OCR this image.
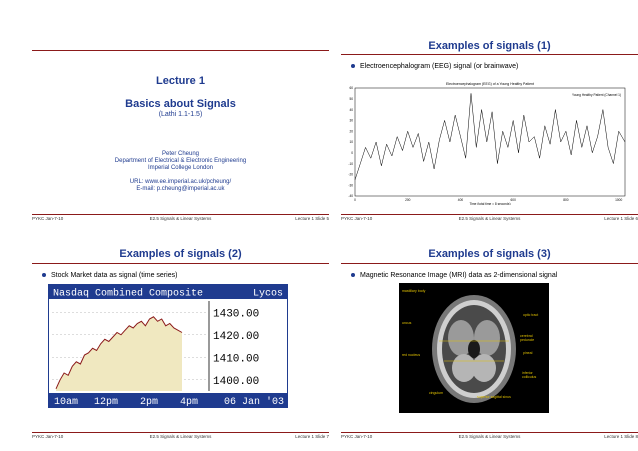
Lecture 1
Basics about Signals
(Lathi 1.1-1.5)
Peter Cheung
Department of Electrical & Electronic Engineering
Imperial College London
URL: www.ee.imperial.ac.uk/pcheung/
E-mail: p.cheung@imperial.ac.uk
PYKC Jan-7-10	E2.5 Signals & Linear Systems	Lecture 1 Slide 5
Examples of signals (1)
Electroencephalogram (EEG) signal (or brainwave)
Electroencephalogram (EEG) of a Young Healthy Patient
Young Healthy Patient (Channel 1)
60
50
40
30
20
10
0
-10
-20
-30
-40
0	200	400	600	800	1000
Time (total time = 8 seconds)
PYKC Jan-7-10	E2.5 Signals & Linear Systems	Lecture 1 Slide 6
Examples of signals (2)
Stock Market data as signal (time series)
Nasdaq Combined Composite	Lycos
1430.00
1420.00
1410.00
1400.00
10am 12pm 2pm 4pm	06 Jan '03
PYKC Jan-7-10	E2.5 Signals & Linear Systems	Lecture 1 Slide 7
Examples of signals (3)
Magnetic Resonance Image (MRI) data as 2-dimensional signal
mastillary body
optic tract
uncus
cerebral peduncle
pineal
red nucleus
inferior colliculus
cingulum
superior sagittal sinus
PYKC Jan-7-10	E2.5 Signals & Linear Systems	Lecture 1 Slide 8
